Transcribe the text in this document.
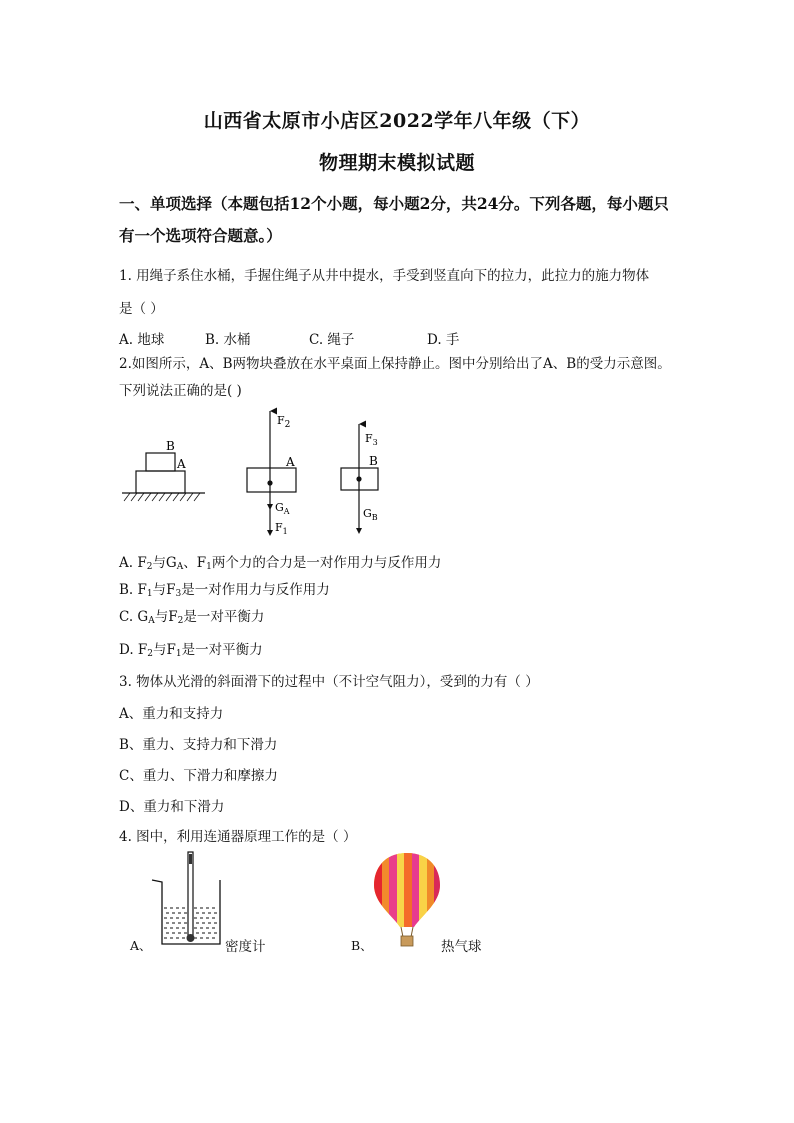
山西省太原市小店区2022学年八年级（下）
物理期末模拟试题
一、单项选择（本题包括12个小题，每小题2分，共24分。下列各题，每小题只有一个选项符合题意。）
1. 用绳子系住水桶，手握住绳子从井中提水，手受到竖直向下的拉力，此拉力的施力物体
是（ ）
A. 地球	B. 水桶	C. 绳子	D. 手
2.如图所示，A、B两物块叠放在水平桌面上保持静止。图中分别给出了A、B的受力示意图。
下列说法正确的是( )
B
A
$F_2$
A
$G_A$
$F_1$
$F_3$
B
$G_B$
A. $F_2$与$G_A$、$F_1$两个力的合力是一对作用力与反作用力
B. $F_1$与$F_3$是一对作用力与反作用力
C. $G_A$与$F_2$是一对平衡力
D. $F_2$与$F_1$是一对平衡力
3. 物体从光滑的斜面滑下的过程中（不计空气阻力），受到的力有（ ）
A、重力和支持力
B、重力、支持力和下滑力
C、重力、下滑力和摩擦力
D、重力和下滑力
4. 图中，利用连通器原理工作的是（ ）
A、	密度计	B、	热气球
